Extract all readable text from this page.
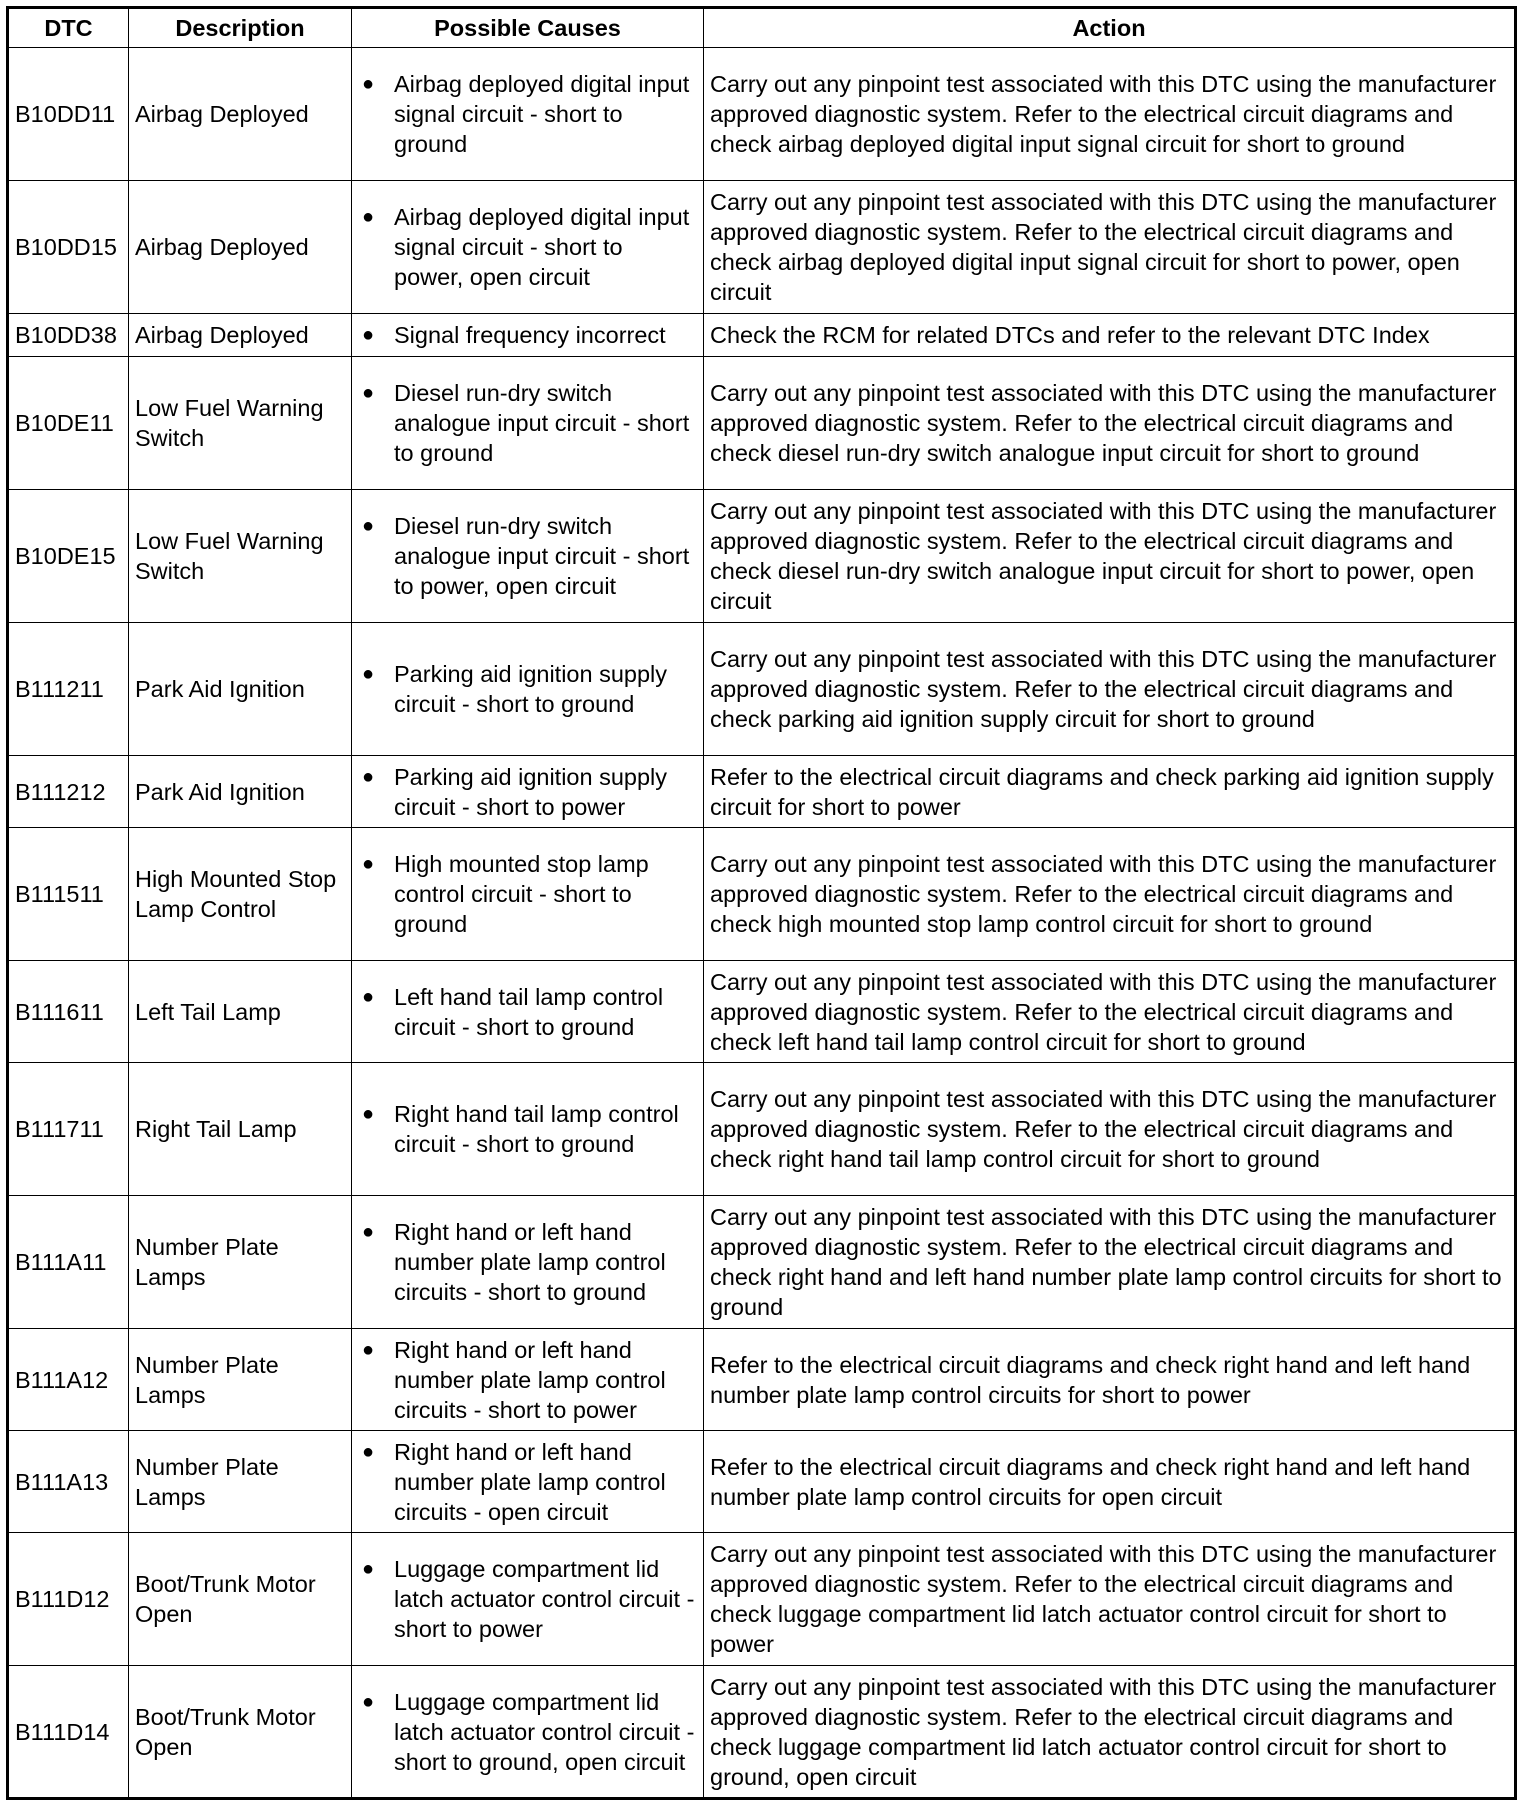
DTC	Description	Possible Causes	Action
B10DD11	Airbag Deployed	● Airbag deployed digital input signal circuit - short to ground	Carry out any pinpoint test associated with this DTC using the manufacturer approved diagnostic system. Refer to the electrical circuit diagrams and check airbag deployed digital input signal circuit for short to ground
B10DD15	Airbag Deployed	● Airbag deployed digital input signal circuit - short to power, open circuit	Carry out any pinpoint test associated with this DTC using the manufacturer approved diagnostic system. Refer to the electrical circuit diagrams and check airbag deployed digital input signal circuit for short to power, open circuit
B10DD38	Airbag Deployed	● Signal frequency incorrect	Check the RCM for related DTCs and refer to the relevant DTC Index
B10DE11	Low Fuel Warning Switch	● Diesel run-dry switch analogue input circuit - short to ground	Carry out any pinpoint test associated with this DTC using the manufacturer approved diagnostic system. Refer to the electrical circuit diagrams and check diesel run-dry switch analogue input circuit for short to ground
B10DE15	Low Fuel Warning Switch	● Diesel run-dry switch analogue input circuit - short to power, open circuit	Carry out any pinpoint test associated with this DTC using the manufacturer approved diagnostic system. Refer to the electrical circuit diagrams and check diesel run-dry switch analogue input circuit for short to power, open circuit
B111211	Park Aid Ignition	● Parking aid ignition supply circuit - short to ground	Carry out any pinpoint test associated with this DTC using the manufacturer approved diagnostic system. Refer to the electrical circuit diagrams and check parking aid ignition supply circuit for short to ground
B111212	Park Aid Ignition	● Parking aid ignition supply circuit - short to power	Refer to the electrical circuit diagrams and check parking aid ignition supply circuit for short to power
B111511	High Mounted Stop Lamp Control	● High mounted stop lamp control circuit - short to ground	Carry out any pinpoint test associated with this DTC using the manufacturer approved diagnostic system. Refer to the electrical circuit diagrams and check high mounted stop lamp control circuit for short to ground
B111611	Left Tail Lamp	● Left hand tail lamp control circuit - short to ground	Carry out any pinpoint test associated with this DTC using the manufacturer approved diagnostic system. Refer to the electrical circuit diagrams and check left hand tail lamp control circuit for short to ground
B111711	Right Tail Lamp	● Right hand tail lamp control circuit - short to ground	Carry out any pinpoint test associated with this DTC using the manufacturer approved diagnostic system. Refer to the electrical circuit diagrams and check right hand tail lamp control circuit for short to ground
B111A11	Number Plate Lamps	● Right hand or left hand number plate lamp control circuits - short to ground	Carry out any pinpoint test associated with this DTC using the manufacturer approved diagnostic system. Refer to the electrical circuit diagrams and check right hand and left hand number plate lamp control circuits for short to ground
B111A12	Number Plate Lamps	● Right hand or left hand number plate lamp control circuits - short to power	Refer to the electrical circuit diagrams and check right hand and left hand number plate lamp control circuits for short to power
B111A13	Number Plate Lamps	● Right hand or left hand number plate lamp control circuits - open circuit	Refer to the electrical circuit diagrams and check right hand and left hand number plate lamp control circuits for open circuit
B111D12	Boot/Trunk Motor Open	● Luggage compartment lid latch actuator control circuit - short to power	Carry out any pinpoint test associated with this DTC using the manufacturer approved diagnostic system. Refer to the electrical circuit diagrams and check luggage compartment lid latch actuator control circuit for short to power
B111D14	Boot/Trunk Motor Open	● Luggage compartment lid latch actuator control circuit - short to ground, open circuit	Carry out any pinpoint test associated with this DTC using the manufacturer approved diagnostic system. Refer to the electrical circuit diagrams and check luggage compartment lid latch actuator control circuit for short to ground, open circuit
